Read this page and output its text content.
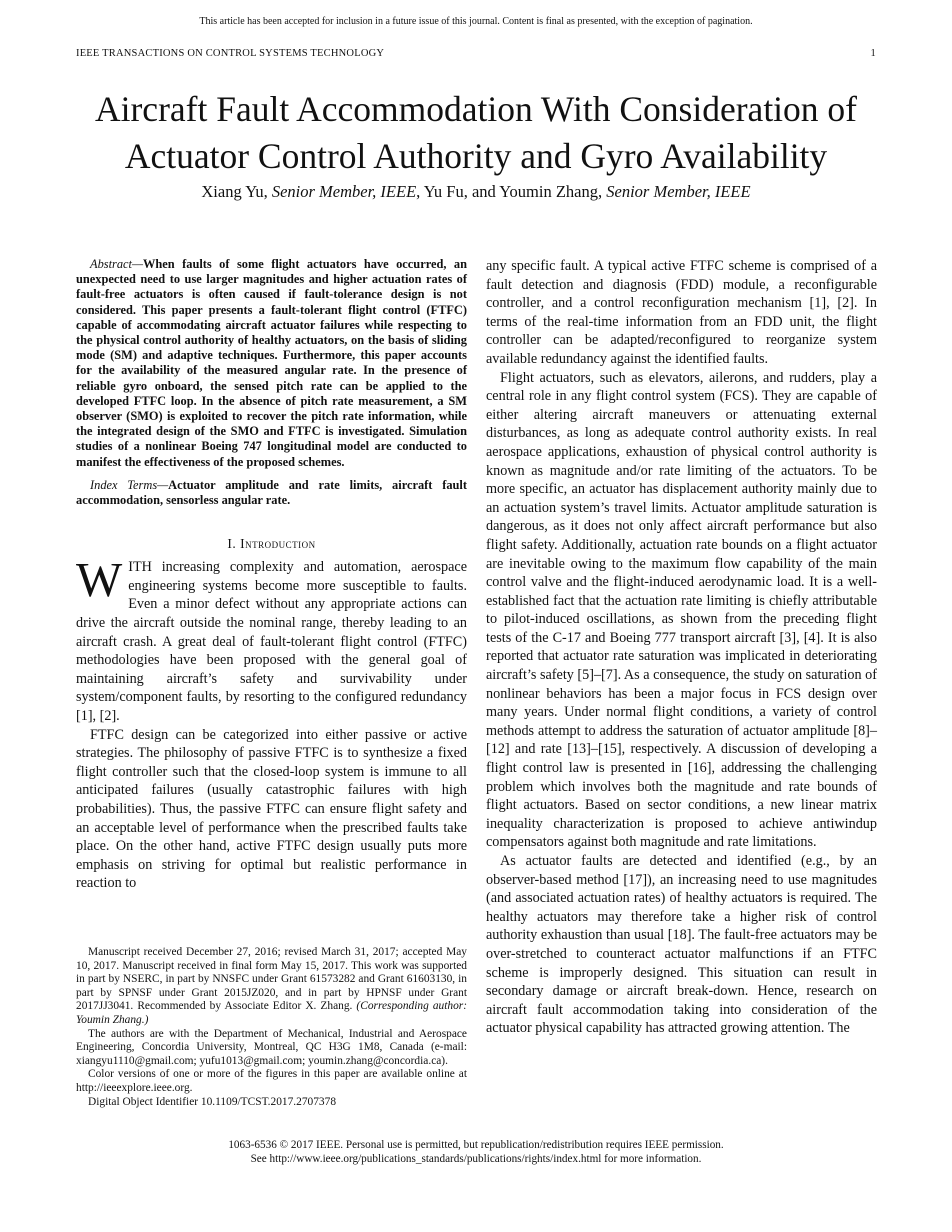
This article has been accepted for inclusion in a future issue of this journal. Content is final as presented, with the exception of pagination.
IEEE TRANSACTIONS ON CONTROL SYSTEMS TECHNOLOGY	1
Aircraft Fault Accommodation With Consideration of Actuator Control Authority and Gyro Availability
Xiang Yu, Senior Member, IEEE, Yu Fu, and Youmin Zhang, Senior Member, IEEE

Abstract—When faults of some flight actuators have occurred, an unexpected need to use larger magnitudes and higher actuation rates of fault-free actuators is often caused if fault-tolerance design is not considered. This paper presents a fault-tolerant flight control (FTFC) capable of accommodating aircraft actuator failures while respecting to the physical control authority of healthy actuators, on the basis of sliding mode (SM) and adaptive techniques. Furthermore, this paper accounts for the availability of the measured angular rate. In the presence of reliable gyro onboard, the sensed pitch rate can be applied to the developed FTFC loop. In the absence of pitch rate measurement, a SM observer (SMO) is exploited to recover the pitch rate information, while the integrated design of the SMO and FTFC is investigated. Simulation studies of a nonlinear Boeing 747 longitudinal model are conducted to manifest the effectiveness of the proposed schemes.

Index Terms—Actuator amplitude and rate limits, aircraft fault accommodation, sensorless angular rate.

I. Introduction

WITH increasing complexity and automation, aerospace engineering systems become more susceptible to faults. Even a minor defect without any appropriate actions can drive the aircraft outside the nominal range, thereby leading to an aircraft crash. A great deal of fault-tolerant flight control (FTFC) methodologies have been proposed with the general goal of maintaining aircraft’s safety and survivability under system/component faults, by resorting to the configured redundancy [1], [2].

FTFC design can be categorized into either passive or active strategies. The philosophy of passive FTFC is to synthesize a fixed flight controller such that the closed-loop system is immune to all anticipated failures (usually catastrophic failures with high probabilities). Thus, the passive FTFC can ensure flight safety and an acceptable level of performance when the prescribed faults take place. On the other hand, active FTFC design usually puts more emphasis on striving for optimal but realistic performance in reaction to

any specific fault. A typical active FTFC scheme is comprised of a fault detection and diagnosis (FDD) module, a reconfigurable controller, and a control reconfiguration mechanism [1], [2]. In terms of the real-time information from an FDD unit, the flight controller can be adapted/reconfigured to reorganize system available redundancy against the identified faults.

Flight actuators, such as elevators, ailerons, and rudders, play a central role in any flight control system (FCS). They are capable of either altering aircraft maneuvers or attenuating external disturbances, as long as adequate control authority exists. In real aerospace applications, exhaustion of physical control authority is known as magnitude and/or rate limiting of the actuators. To be more specific, an actuator has displacement authority mainly due to an actuation system’s travel limits. Actuator amplitude saturation is dangerous, as it does not only affect aircraft performance but also flight safety. Additionally, actuation rate bounds on a flight actuator are inevitable owing to the maximum flow capability of the main control valve and the flight-induced aerodynamic load. It is a well-established fact that the actuation rate limiting is chiefly attributable to pilot-induced oscillations, as shown from the preceding flight tests of the C-17 and Boeing 777 transport aircraft [3], [4]. It is also reported that actuator rate saturation was implicated in deteriorating aircraft’s safety [5]–[7]. As a consequence, the study on saturation of nonlinear behaviors has been a major focus in FCS design over many years. Under normal flight conditions, a variety of control methods attempt to address the saturation of actuator amplitude [8]–[12] and rate [13]–[15], respectively. A discussion of developing a flight control law is presented in [16], addressing the challenging problem which involves both the magnitude and rate bounds of flight actuators. Based on sector conditions, a new linear matrix inequality characterization is proposed to achieve antiwindup compensators against both magnitude and rate limitations.

As actuator faults are detected and identified (e.g., by an observer-based method [17]), an increasing need to use magnitudes (and associated actuation rates) of healthy actuators is required. The healthy actuators may therefore take a higher risk of control authority exhaustion than usual [18]. The fault-free actuators may be over-stretched to counteract actuator malfunctions if an FTFC scheme is improperly designed. This situation can result in secondary damage or aircraft break-down. Hence, research on aircraft fault accommodation taking into consideration of the actuator physical capability has attracted growing attention. The

Manuscript received December 27, 2016; revised March 31, 2017; accepted May 10, 2017. Manuscript received in final form May 15, 2017. This work was supported in part by NSERC, in part by NNSFC under Grant 61573282 and Grant 61603130, in part by SPNSF under Grant 2015JZ020, and in part by HPNSF under Grant 2017JJ3041. Recommended by Associate Editor X. Zhang. (Corresponding author: Youmin Zhang.)

The authors are with the Department of Mechanical, Industrial and Aerospace Engineering, Concordia University, Montreal, QC H3G 1M8, Canada (e-mail: xiangyu1110@gmail.com; yufu1013@gmail.com; youmin.zhang@concordia.ca).

Color versions of one or more of the figures in this paper are available online at http://ieeexplore.ieee.org.

Digital Object Identifier 10.1109/TCST.2017.2707378

1063-6536 © 2017 IEEE. Personal use is permitted, but republication/redistribution requires IEEE permission.
See http://www.ieee.org/publications_standards/publications/rights/index.html for more information.
